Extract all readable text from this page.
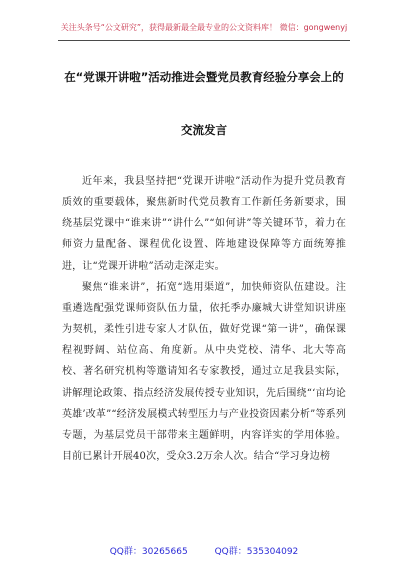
关注头条号“公文研究”，获得最新最全最专业的公文资料库！ 微信：gongwenyj
在“党课开讲啦”活动推进会暨党员教育经验分享会上的
交流发言

近年来，我县坚持把“党课开讲啦”活动作为提升党员教育质效的重要载体，聚焦新时代党员教育工作新任务新要求，围绕基层党课中“谁来讲”“讲什么”“如何讲”等关键环节，着力在师资力量配备、课程优化设置、阵地建设保障等方面统筹推进，让“党课开讲啦”活动走深走实。

聚焦“谁来讲”，拓宽“选用渠道”，加快师资队伍建设。注重遴选配强党课师资队伍力量，依托季办廉城大讲堂知识讲座为契机，柔性引进专家人才队伍，做好党课“第一讲”，确保课程视野阔、站位高、角度新。从中央党校、清华、北大等高校、著名研究机构等邀请知名专家教授，通过立足我县实际，讲解理论政策、指点经济发展传授专业知识，先后围绕“‘亩均论英雄’改革”“经济发展模式转型压力与产业投资因素分析”等系列专题，为基层党员干部带来主题鲜明，内容详实的学用体验。目前已累计开展40次，受众3.2万余人次。结合“学习身边榜

QQ群：30265665	QQ群：535304092
